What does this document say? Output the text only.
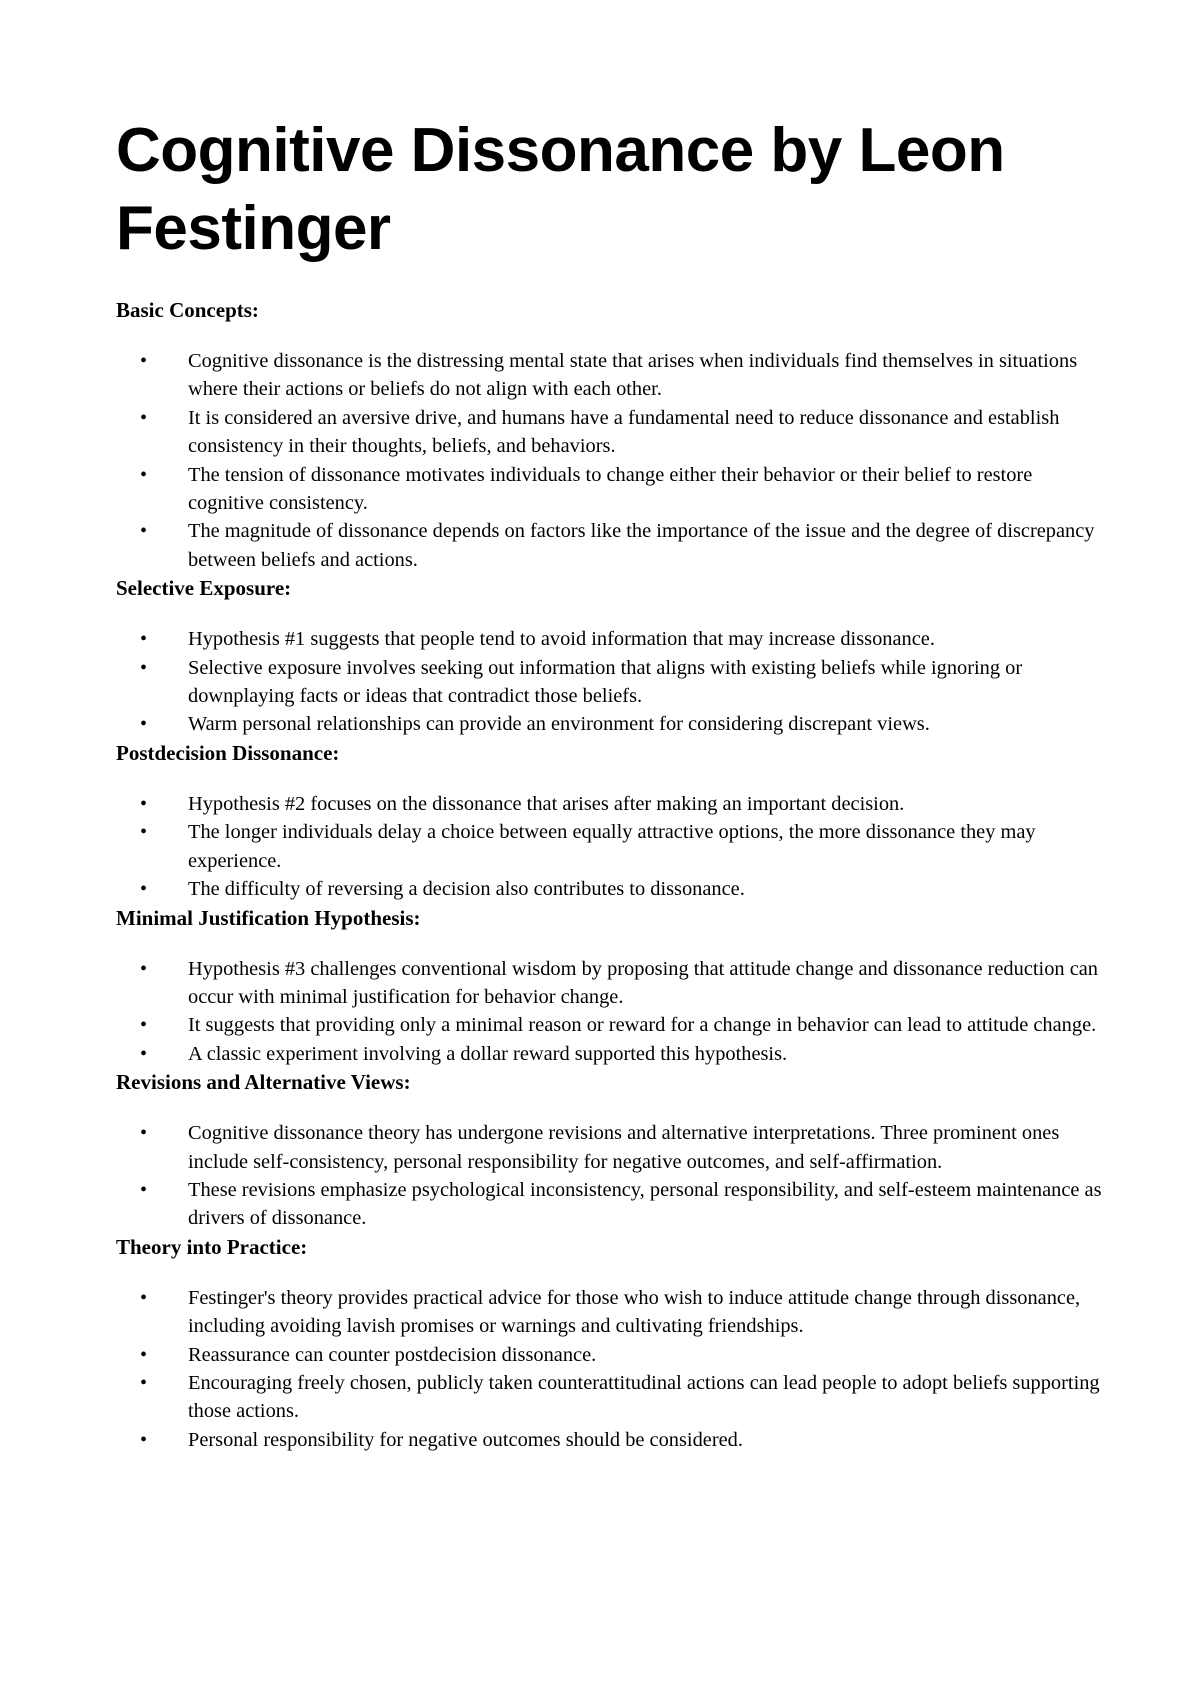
Cognitive Dissonance by Leon Festinger
Basic Concepts:
• Cognitive dissonance is the distressing mental state that arises when individuals find themselves in situations where their actions or beliefs do not align with each other.
• It is considered an aversive drive, and humans have a fundamental need to reduce dissonance and establish consistency in their thoughts, beliefs, and behaviors.
• The tension of dissonance motivates individuals to change either their behavior or their belief to restore cognitive consistency.
• The magnitude of dissonance depends on factors like the importance of the issue and the degree of discrepancy between beliefs and actions.
Selective Exposure:
• Hypothesis #1 suggests that people tend to avoid information that may increase dissonance.
• Selective exposure involves seeking out information that aligns with existing beliefs while ignoring or downplaying facts or ideas that contradict those beliefs.
• Warm personal relationships can provide an environment for considering discrepant views.
Postdecision Dissonance:
• Hypothesis #2 focuses on the dissonance that arises after making an important decision.
• The longer individuals delay a choice between equally attractive options, the more dissonance they may experience.
• The difficulty of reversing a decision also contributes to dissonance.
Minimal Justification Hypothesis:
• Hypothesis #3 challenges conventional wisdom by proposing that attitude change and dissonance reduction can occur with minimal justification for behavior change.
• It suggests that providing only a minimal reason or reward for a change in behavior can lead to attitude change.
• A classic experiment involving a dollar reward supported this hypothesis.
Revisions and Alternative Views:
• Cognitive dissonance theory has undergone revisions and alternative interpretations. Three prominent ones include self-consistency, personal responsibility for negative outcomes, and self-affirmation.
• These revisions emphasize psychological inconsistency, personal responsibility, and self-esteem maintenance as drivers of dissonance.
Theory into Practice:
• Festinger's theory provides practical advice for those who wish to induce attitude change through dissonance, including avoiding lavish promises or warnings and cultivating friendships.
• Reassurance can counter postdecision dissonance.
• Encouraging freely chosen, publicly taken counterattitudinal actions can lead people to adopt beliefs supporting those actions.
• Personal responsibility for negative outcomes should be considered.
